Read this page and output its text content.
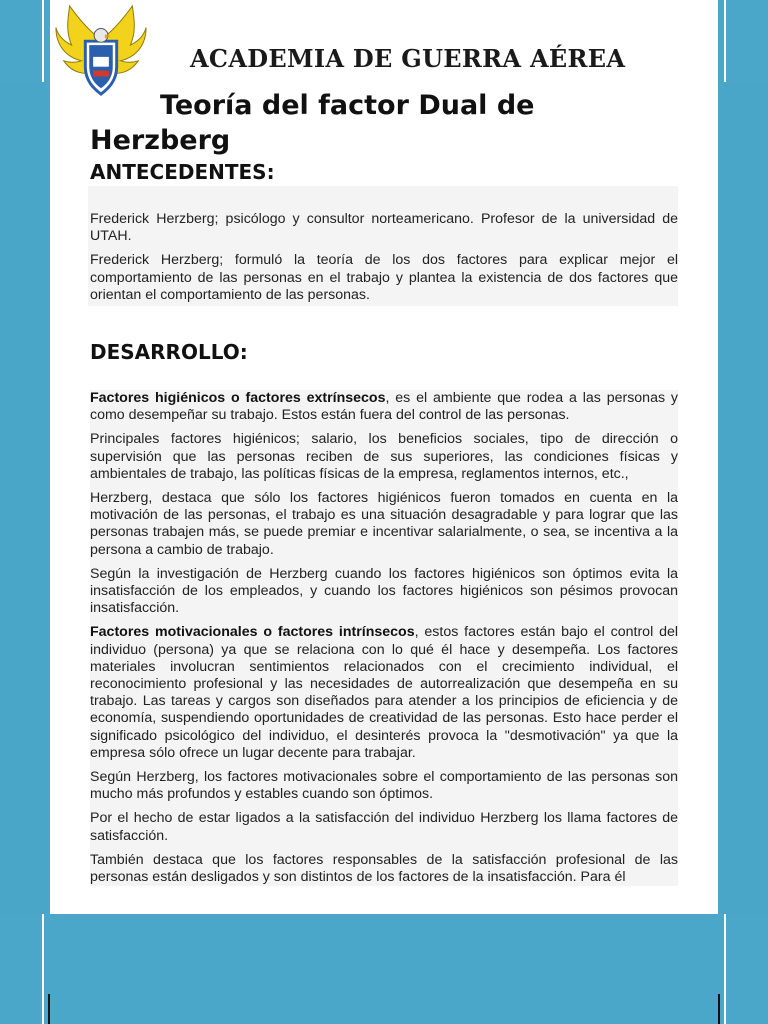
ACADEMIA DE GUERRA AÉREA
Teoría del factor Dual de
Herzberg
ANTECEDENTES:

Frederick Herzberg; psicólogo y consultor norteamericano. Profesor de la universidad de UTAH.

Frederick Herzberg; formuló la teoría de los dos factores para explicar mejor el comportamiento de las personas en el trabajo y plantea la existencia de dos factores que orientan el comportamiento de las personas.

DESARROLLO:

Factores higiénicos o factores extrínsecos, es el ambiente que rodea a las personas y como desempeñar su trabajo. Estos están fuera del control de las personas.

Principales factores higiénicos; salario, los beneficios sociales, tipo de dirección o supervisión que las personas reciben de sus superiores, las condiciones físicas y ambientales de trabajo, las políticas físicas de la empresa, reglamentos internos, etc.,

Herzberg, destaca que sólo los factores higiénicos fueron tomados en cuenta en la motivación de las personas, el trabajo es una situación desagradable y para lograr que las personas trabajen más, se puede premiar e incentivar salarialmente, o sea, se incentiva a la persona a cambio de trabajo.

Según la investigación de Herzberg cuando los factores higiénicos son óptimos evita la insatisfacción de los empleados, y cuando los factores higiénicos son pésimos provocan insatisfacción.

Factores motivacionales o factores intrínsecos, estos factores están bajo el control del individuo (persona) ya que se relaciona con lo qué él hace y desempeña. Los factores materiales involucran sentimientos relacionados con el crecimiento individual, el reconocimiento profesional y las necesidades de autorrealización que desempeña en su trabajo. Las tareas y cargos son diseñados para atender a los principios de eficiencia y de economía, suspendiendo oportunidades de creatividad de las personas. Esto hace perder el significado psicológico del individuo, el desinterés provoca la "desmotivación" ya que la empresa sólo ofrece un lugar decente para trabajar.

Según Herzberg, los factores motivacionales sobre el comportamiento de las personas son mucho más profundos y estables cuando son óptimos.

Por el hecho de estar ligados a la satisfacción del individuo Herzberg los llama factores de satisfacción.

También destaca que los factores responsables de la satisfacción profesional de las personas están desligados y son distintos de los factores de la insatisfacción. Para él
